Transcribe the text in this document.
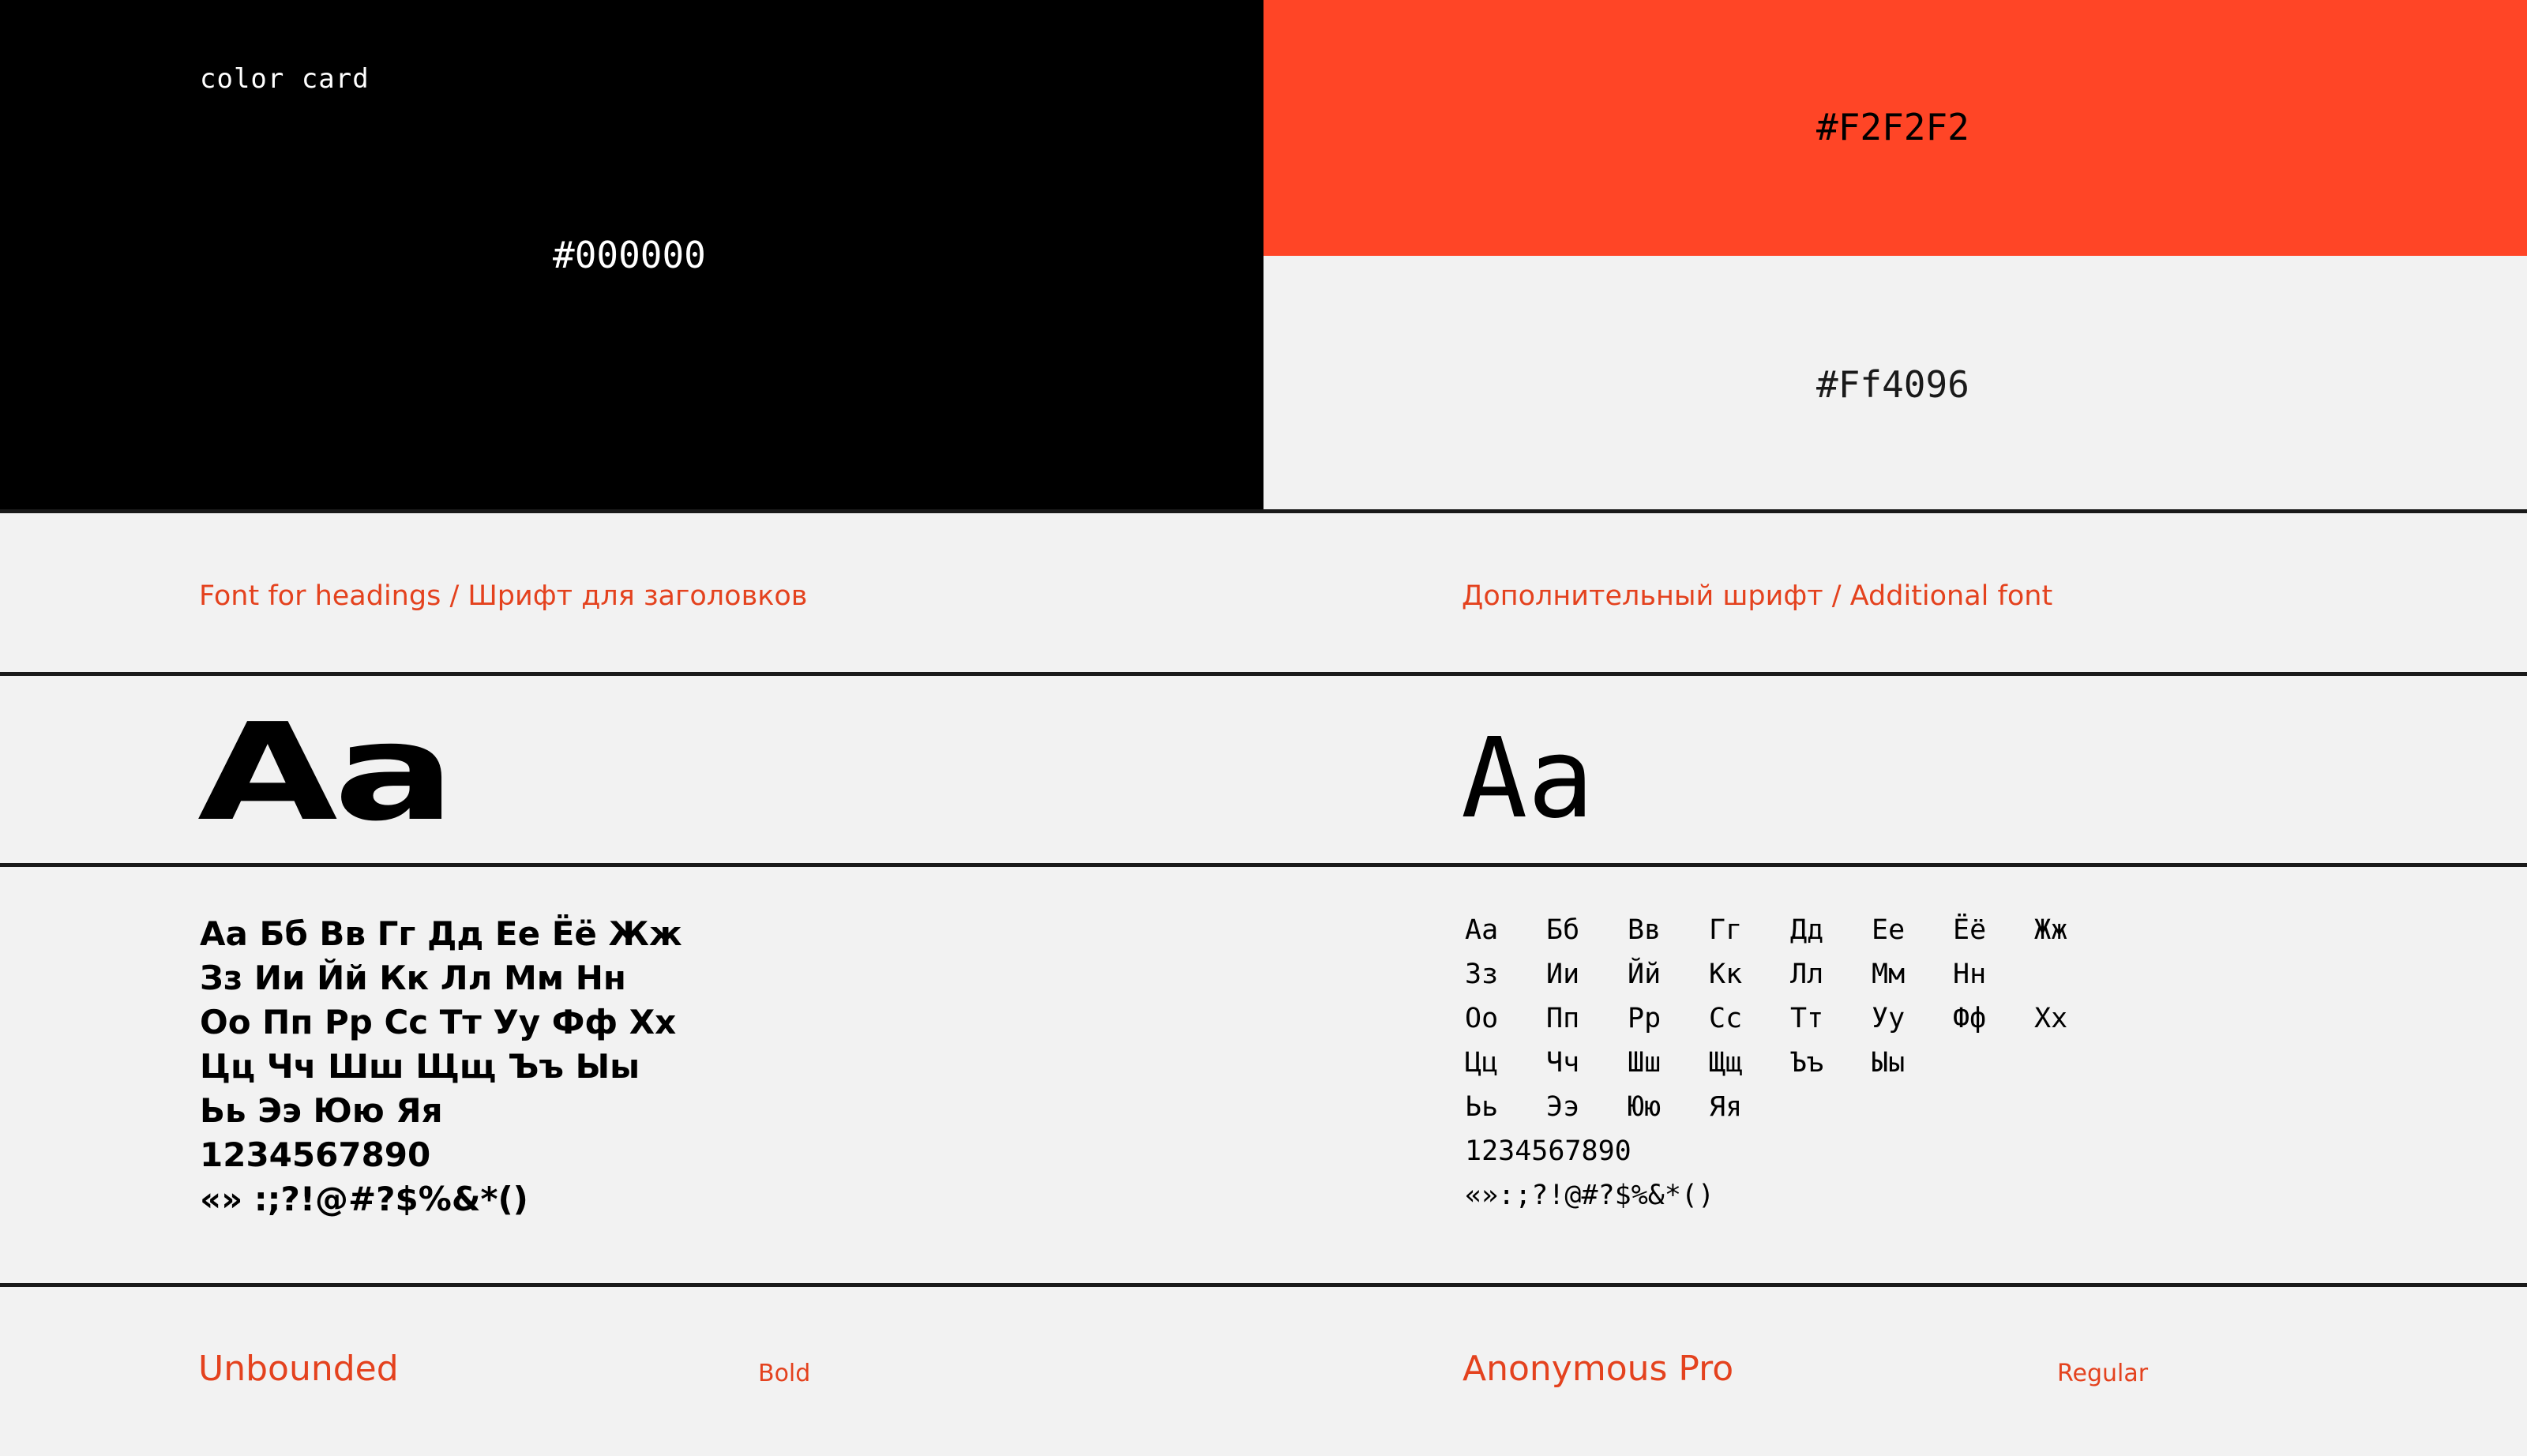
color card
#000000
#F2F2F2
#Ff4096
Font for headings / Шрифт для заголовков	Дополнительный шрифт / Additional font
Aa	Aa
Аа Бб Вв Гг Дд Ее Ёё Жж
Зз Ии Йй Кк Лл Мм Нн
Оо Пп Рр Сс Тт Уу Фф Хх
Цц Чч Шш Щщ Ъъ Ыы
Ьь Ээ Юю Яя
1234567890
«» :;?!@#?$%&*()
Аа Бб Вв Гг Дд Ее Ёё Жж
Зз Ии Йй Кк Лл Мм Нн
Оо Пп Рр Сс Тт Уу Фф Хх
Цц Чч Шш Щщ Ъъ Ыы
Ьь Ээ Юю Яя
1234567890
«»:;?!@#?$%&*()
Unbounded	Bold	Anonymous Pro	Regular
